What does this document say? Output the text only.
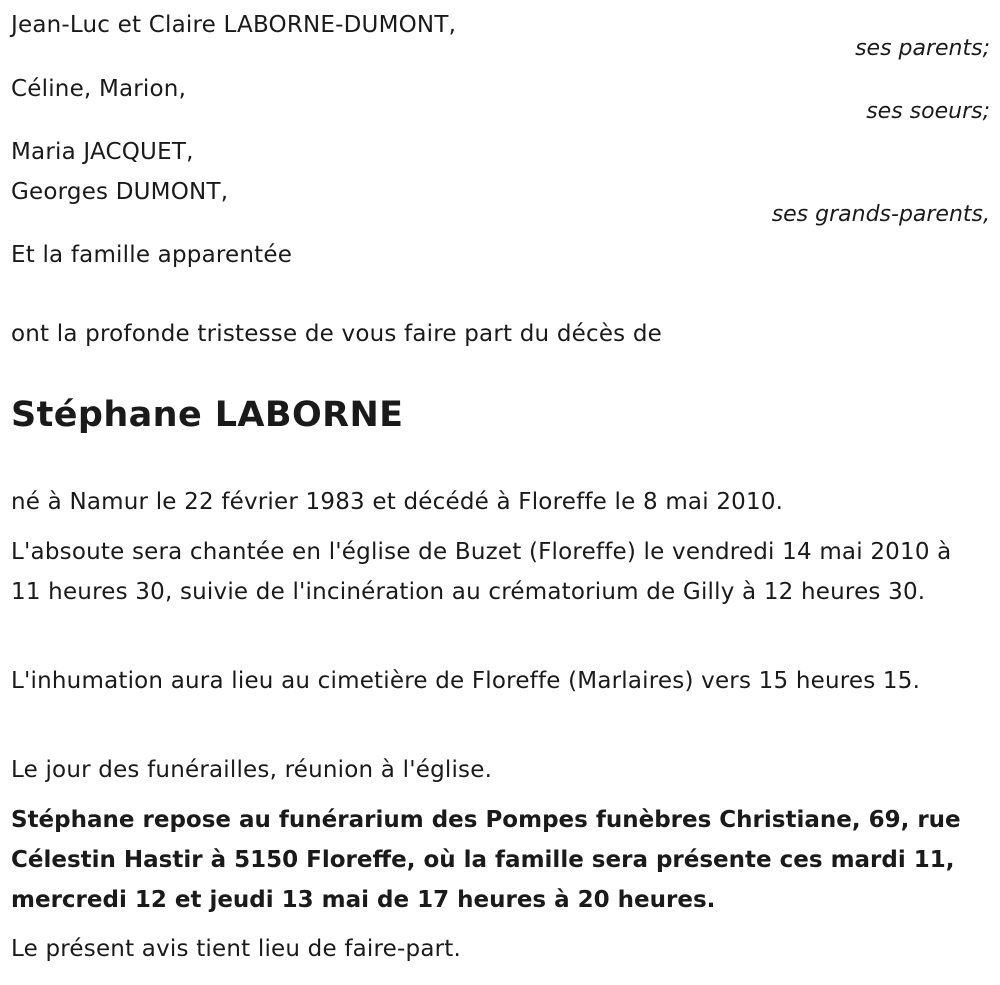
Jean-Luc et Claire LABORNE-DUMONT,
ses parents;
Céline, Marion,
ses soeurs;
Maria JACQUET,
Georges DUMONT,
ses grands-parents,
Et la famille apparentée
ont la profonde tristesse de vous faire part du décès de
Stéphane LABORNE
né à Namur le 22 février 1983 et décédé à Floreffe le 8 mai 2010.
L'absoute sera chantée en l'église de Buzet (Floreffe) le vendredi 14 mai 2010 à 11 heures 30, suivie de l'incinération au crématorium de Gilly à 12 heures 30.
L'inhumation aura lieu au cimetière de Floreffe (Marlaires) vers 15 heures 15.
Le jour des funérailles, réunion à l'église.
Stéphane repose au funérarium des Pompes funèbres Christiane, 69, rue Célestin Hastir à 5150 Floreffe, où la famille sera présente ces mardi 11, mercredi 12 et jeudi 13 mai de 17 heures à 20 heures.
Le présent avis tient lieu de faire-part.
